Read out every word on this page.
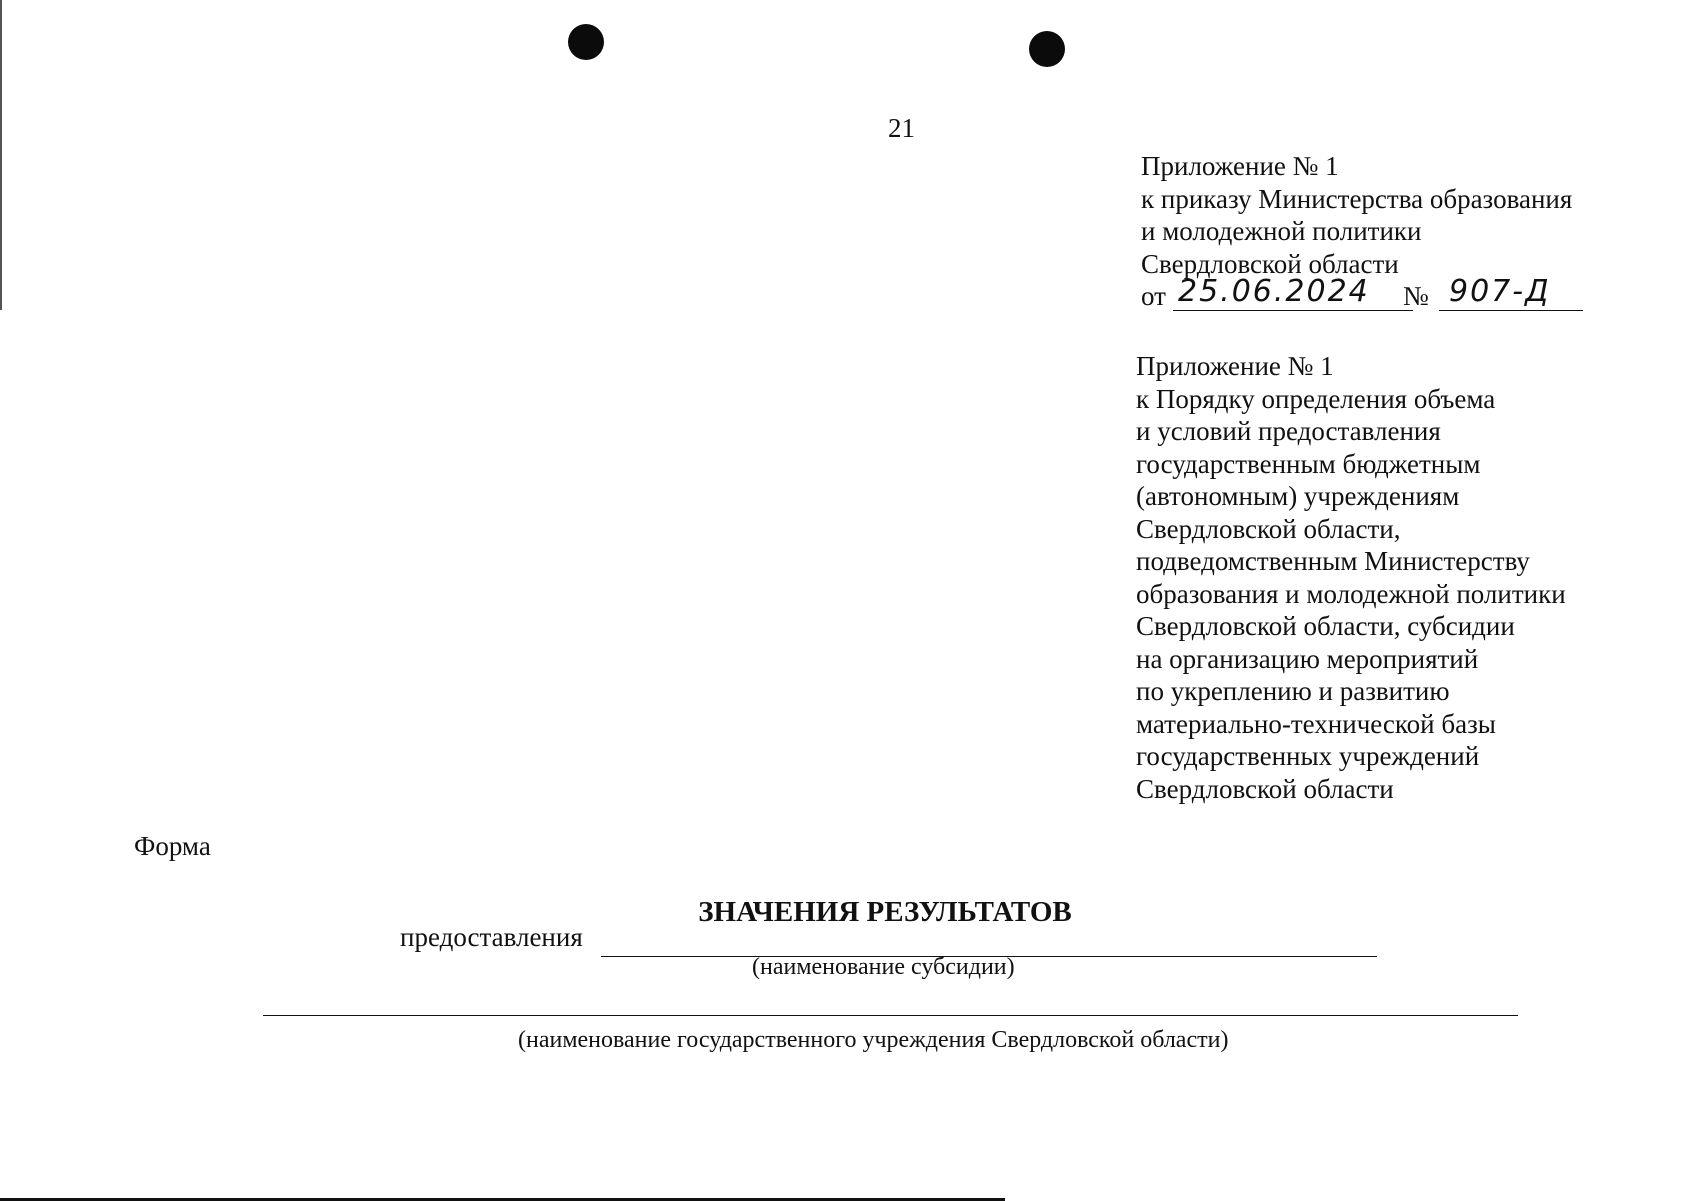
21
Приложение № 1
к приказу Министерства образования
и молодежной политики
Свердловской области
от 25.06.2024 № 907-Д
Приложение № 1
к Порядку определения объема
и условий предоставления
государственным бюджетным
(автономным) учреждениям
Свердловской области,
подведомственным Министерству
образования и молодежной политики
Свердловской области, субсидии
на организацию мероприятий
по укреплению и развитию
материально-технической базы
государственных учреждений
Свердловской области
Форма
ЗНАЧЕНИЯ РЕЗУЛЬТАТОВ
предоставления
(наименование субсидии)
(наименование государственного учреждения Свердловской области)
